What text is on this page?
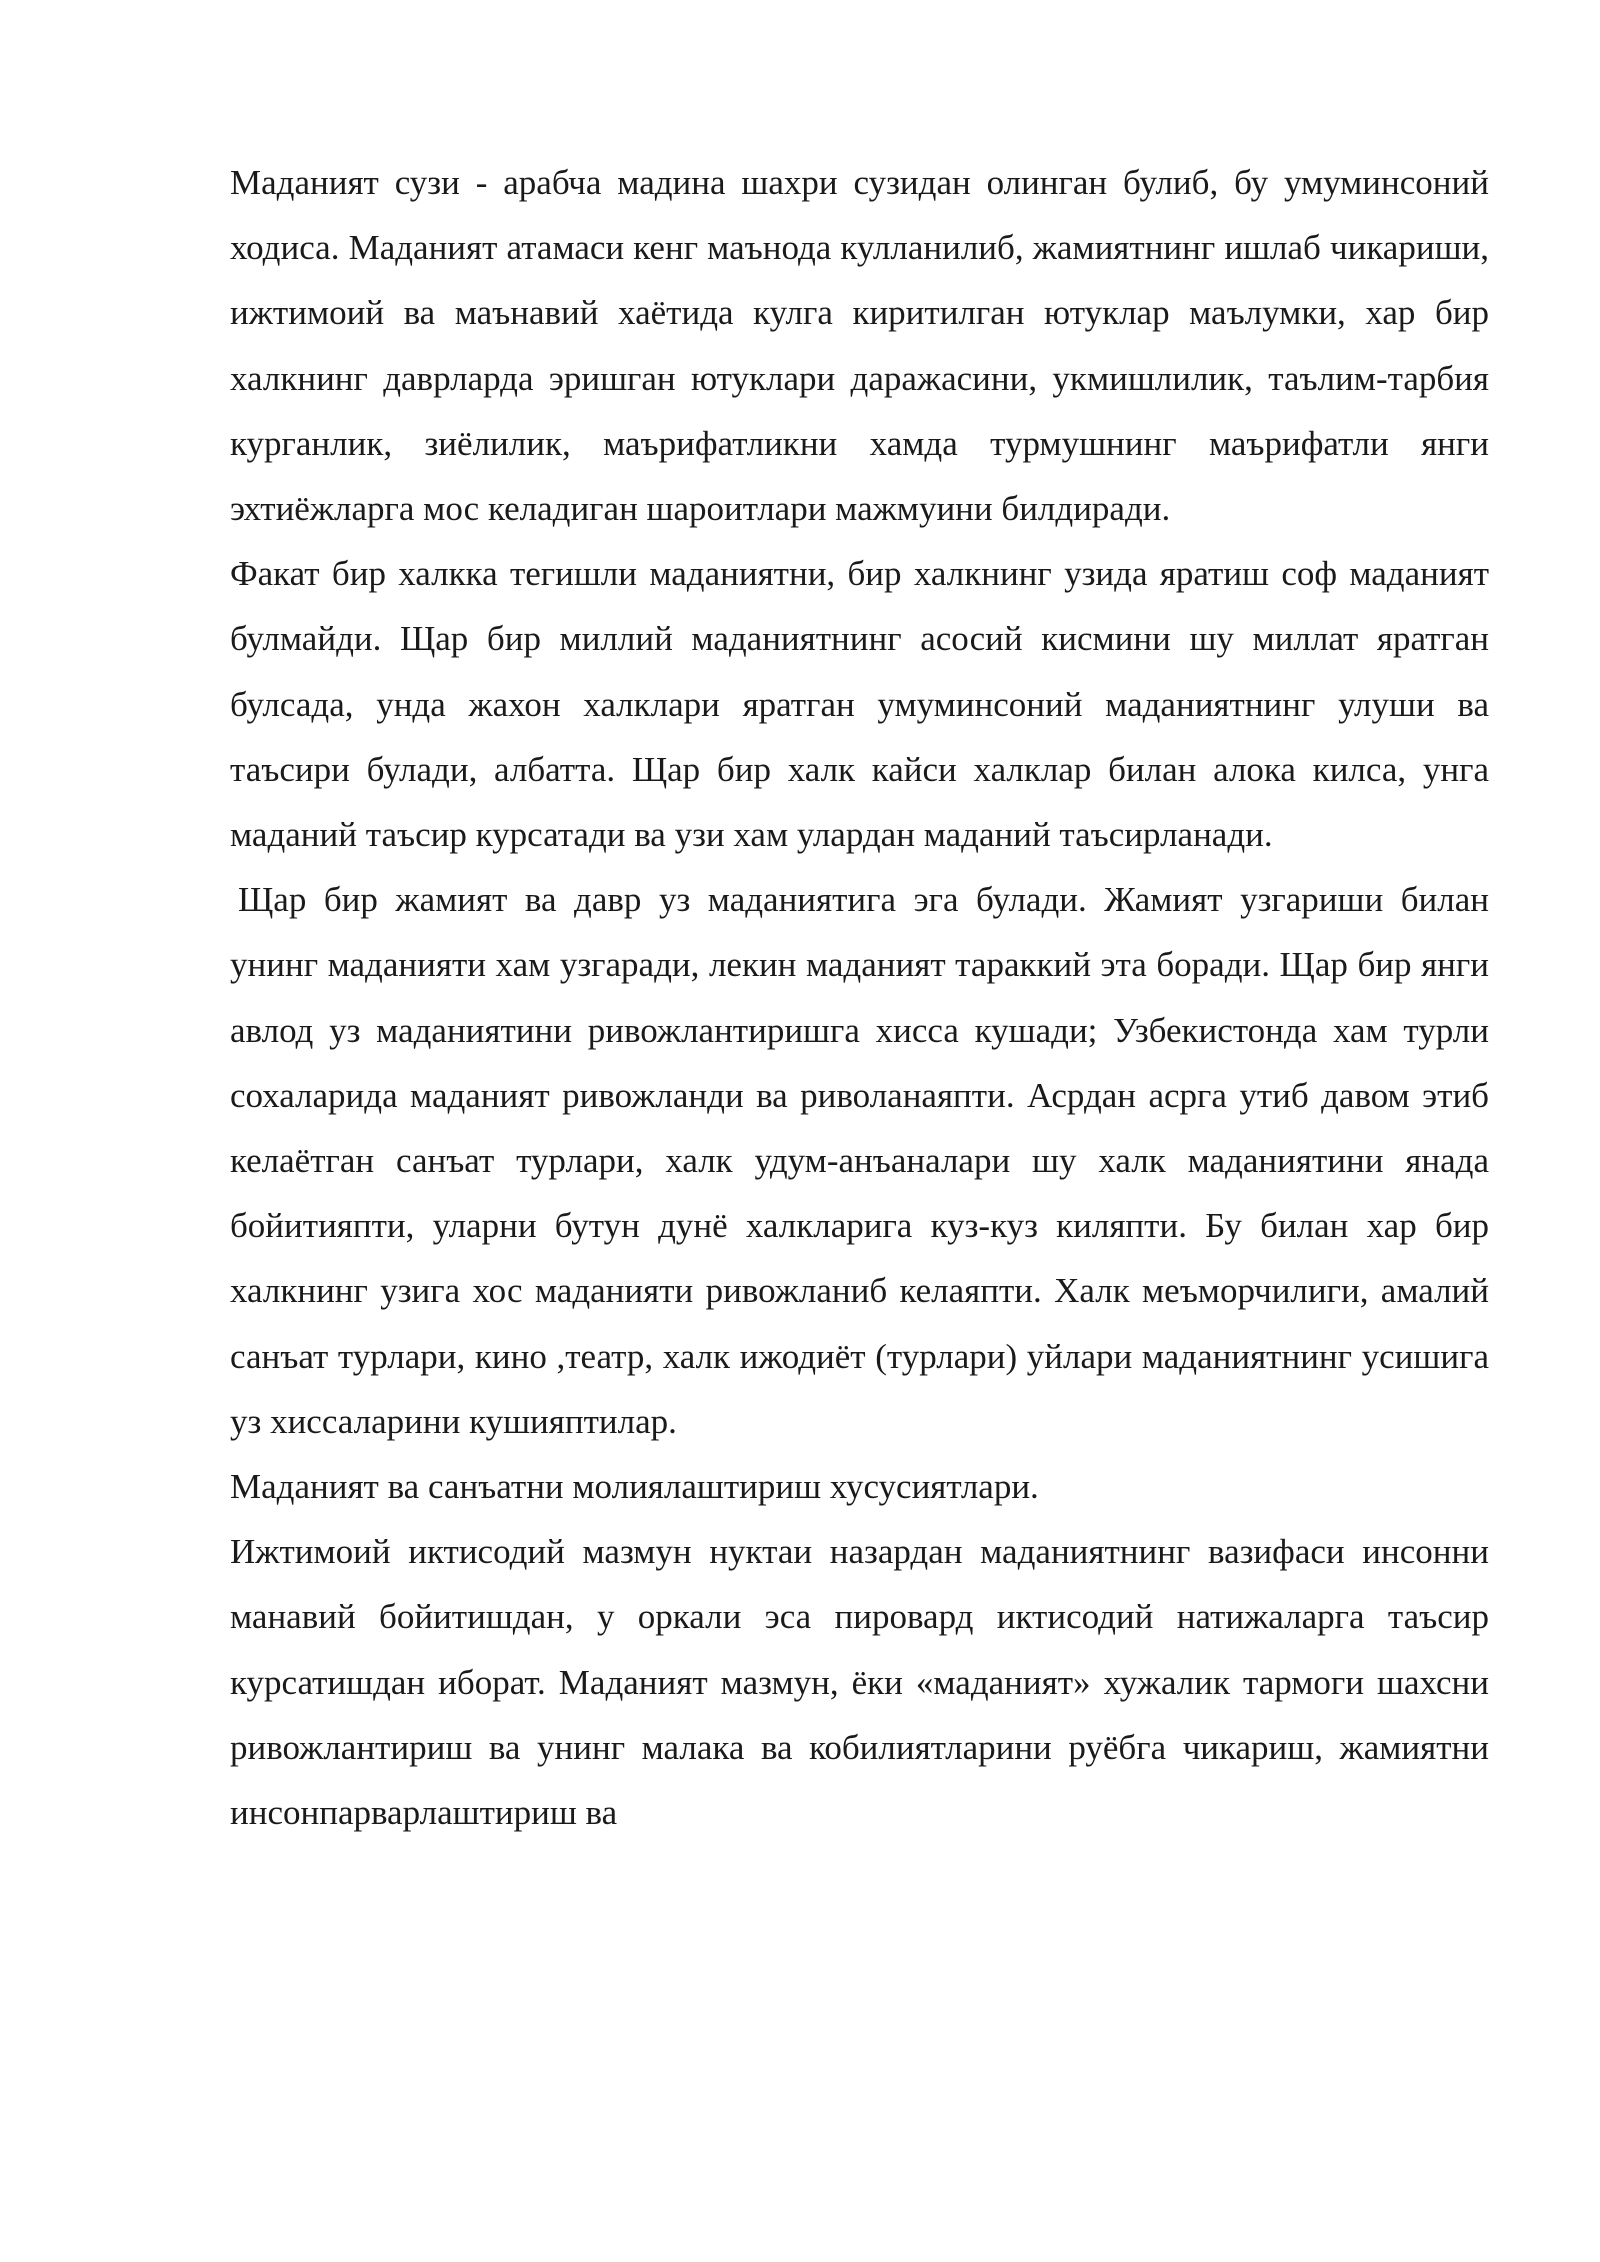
Маданият сузи - арабча мадина шахри сузидан олинган булиб, бу умуминсоний ходиса. Маданият атамаси кенг маънода кулланилиб, жамиятнинг ишлаб чикариши, ижтимоий ва маънавий хаётида кулга киритилган ютуклар маълумки, хар бир халкнинг даврларда эришган ютуклари даражасини, укмишлилик, таълим-тарбия курганлик, зиёлилик, маърифатликни хамда турмушнинг маърифатли янги эхтиёжларга мос келадиган шароитлари мажмуини билдиради.

Факат бир халкка тегишли маданиятни, бир халкнинг узида яратиш соф маданият булмайди. Щар бир миллий маданиятнинг асосий кисмини шу миллат яратган булсада, унда жахон халклари яратган умуминсоний маданиятнинг улуши ва таъсири булади, албатта. Щар бир халк кайси халклар билан алока килса, унга маданий таъсир курсатади ва узи хам улардан маданий таъсирланади.

Щар бир жамият ва давр уз маданиятига эга булади. Жамият узгариши билан унинг маданияти хам узгаради, лекин маданият тараккий эта боради. Щар бир янги авлод уз маданиятини ривожлантиришга хисса кушади; Узбекистонда хам турли сохаларида маданият ривожланди ва риволанаяпти. Асрдан асрга утиб давом этиб келаётган санъат турлари, халк удум-анъаналари шу халк маданиятини янада бойитияпти, уларни бутун дунё халкларига куз-куз киляпти. Бу билан хар бир халкнинг узига хос маданияти ривожланиб келаяпти. Халк меъморчилиги, амалий санъат турлари, кино ,театр, халк ижодиёт (турлари) уйлари маданиятнинг усишига уз хиссаларини кушияптилар.

Маданият ва санъатни молиялаштириш хусусиятлари.

Ижтимоий иктисодий мазмун нуктаи назардан маданиятнинг вазифаси инсонни манавий бойитишдан, у оркали эса пировард иктисодий натижаларга таъсир курсатишдан иборат. Маданият мазмун, ёки «маданият» хужалик тармоги шахсни ривожлантириш ва унинг малака ва кобилиятларини руёбга чикариш, жамиятни инсонпарварлаштириш ва
